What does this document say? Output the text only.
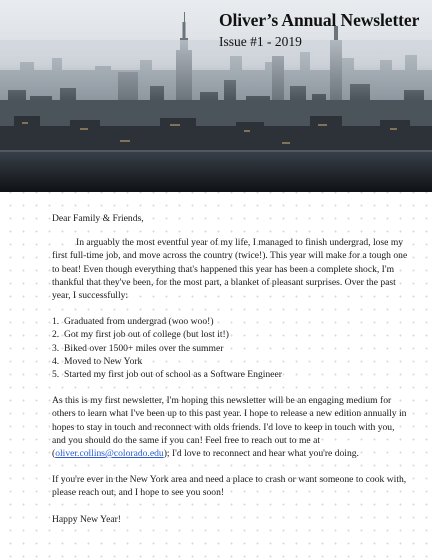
Oliver’s Annual Newsletter
Issue #1 - 2019

Dear Family & Friends,

In arguably the most eventful year of my life, I managed to finish undergrad, lose my first full-time job, and move across the country (twice!). This year will make for a tough one to beat! Even though everything that's happened this year has been a complete shock, I'm thankful that they've been, for the most part, a blanket of pleasant surprises. Over the past year, I successfully:

1. Graduated from undergrad (woo woo!)
2. Got my first job out of college (but lost it!)
3. Biked over 1500+ miles over the summer
4. Moved to New York
5. Started my first job out of school as a Software Engineer

As this is my first newsletter, I'm hoping this newsletter will be an engaging medium for others to learn what I've been up to this past year. I hope to release a new edition annually in hopes to stay in touch and reconnect with olds friends. I'd love to keep in touch with you, and you should do the same if you can! Feel free to reach out to me at (oliver.collins@colorado.edu); I'd love to reconnect and hear what you're doing.

If you're ever in the New York area and need a place to crash or want someone to cook with, please reach out, and I hope to see you soon!

Happy New Year!
